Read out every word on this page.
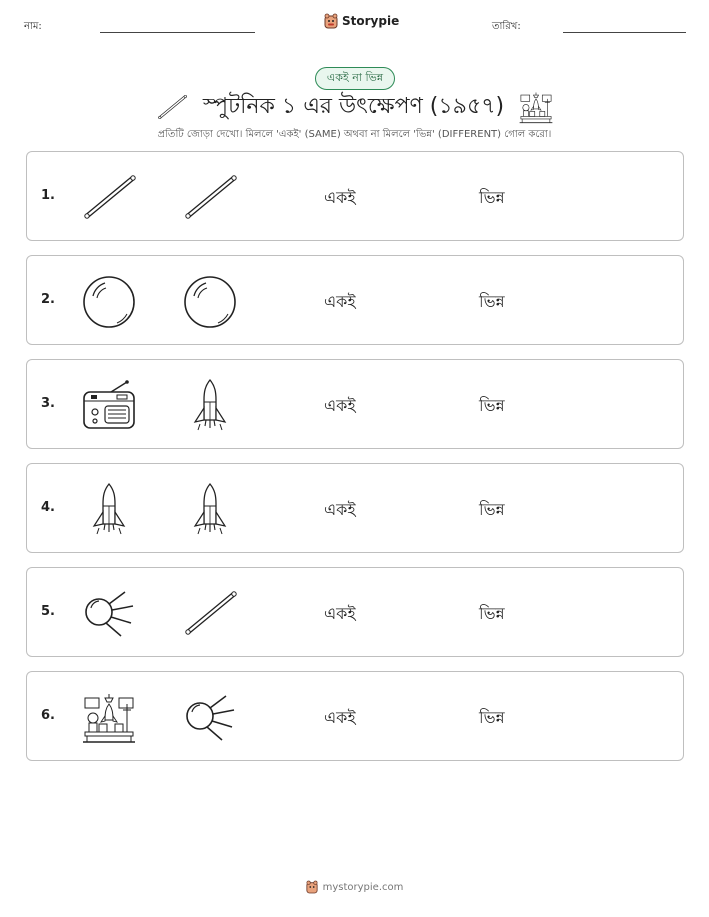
নাম:	Storypie	তারিখ:
একই না ভিন্ন
স্পুটনিক ১ এর উৎক্ষেপণ (১৯৫৭)
প্রতিটি জোড়া দেখো। মিললে 'একই' (SAME) অথবা না মিললে 'ভিন্ন' (DIFFERENT) গোল করো।
1.	একই	ভিন্ন
2.	একই	ভিন্ন
3.	একই	ভিন্ন
4.	একই	ভিন্ন
5.	একই	ভিন্ন
6.	একই	ভিন্ন
mystorypie.com
